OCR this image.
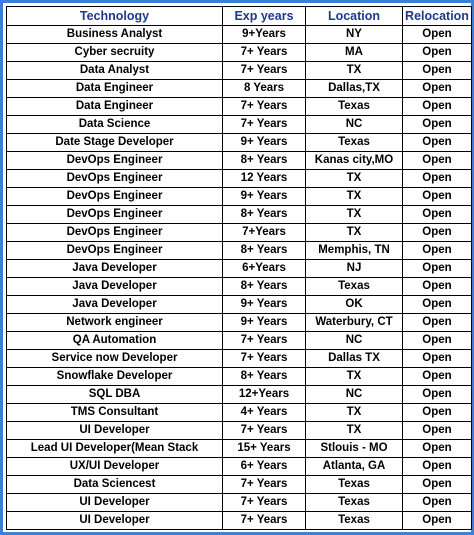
Technology	Exp years	Location	Relocation
Business Analyst	9+Years	NY	Open
Cyber secruity	7+ Years	MA	Open
Data Analyst	7+ Years	TX	Open
Data Engineer	8 Years	Dallas,TX	Open
Data Engineer	7+ Years	Texas	Open
Data Science	7+ Years	NC	Open
Date Stage Developer	9+ Years	Texas	Open
DevOps Engineer	8+ Years	Kanas city,MO	Open
DevOps Engineer	12 Years	TX	Open
DevOps Engineer	9+ Years	TX	Open
DevOps Engineer	8+ Years	TX	Open
DevOps Engineer	7+Years	TX	Open
DevOps Engineer	8+ Years	Memphis, TN	Open
Java Developer	6+Years	NJ	Open
Java Developer	8+ Years	Texas	Open
Java Developer	9+ Years	OK	Open
Network engineer	9+ Years	Waterbury, CT	Open
QA Automation	7+ Years	NC	Open
Service now Developer	7+ Years	Dallas TX	Open
Snowflake Developer	8+ Years	TX	Open
SQL DBA	12+Years	NC	Open
TMS Consultant	4+ Years	TX	Open
UI Developer	7+ Years	TX	Open
Lead UI Developer(Mean Stack	15+ Years	Stlouis - MO	Open
UX/UI Developer	6+ Years	Atlanta, GA	Open
Data Sciencest	7+ Years	Texas	Open
UI Developer	7+ Years	Texas	Open
UI Developer	7+ Years	Texas	Open
